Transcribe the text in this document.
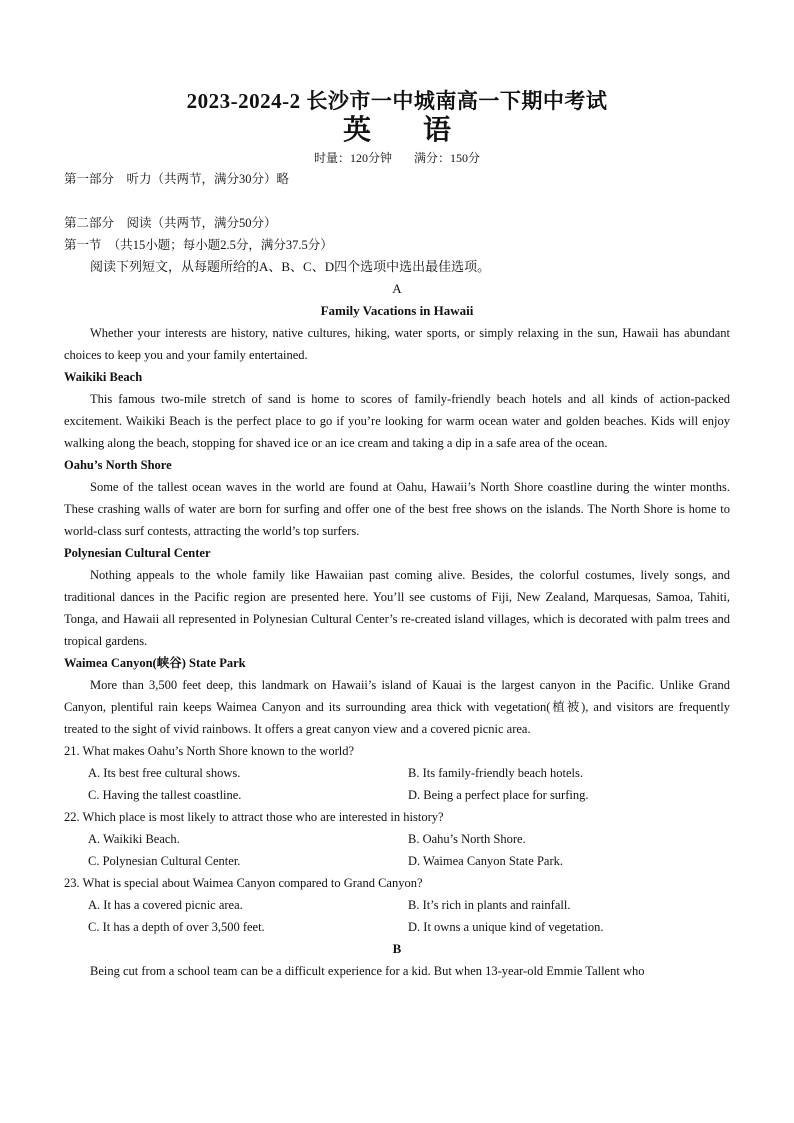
2023-2024-2 长沙市一中城南高一下期中考试
英 语
时量：120分钟 满分：150分

第一部分　听力（共两节，满分30分）略

第二部分　阅读（共两节，满分50分）

第一节　（共15小题；每小题2.5分，满分37.5分）

阅读下列短文，从每题所给的A、B、C、D四个选项中选出最佳选项。

A

Family Vacations in Hawaii

Whether your interests are history, native cultures, hiking, water sports, or simply relaxing in the sun, Hawaii has abundant choices to keep you and your family entertained.

Waikiki Beach

This famous two-mile stretch of sand is home to scores of family-friendly beach hotels and all kinds of action-packed excitement. Waikiki Beach is the perfect place to go if you’re looking for warm ocean water and golden beaches. Kids will enjoy walking along the beach, stopping for shaved ice or an ice cream and taking a dip in a safe area of the ocean.

Oahu’s North Shore

Some of the tallest ocean waves in the world are found at Oahu, Hawaii’s North Shore coastline during the winter months. These crashing walls of water are born for surfing and offer one of the best free shows on the islands. The North Shore is home to world-class surf contests, attracting the world’s top surfers.

Polynesian Cultural Center

Nothing appeals to the whole family like Hawaiian past coming alive. Besides, the colorful costumes, lively songs, and traditional dances in the Pacific region are presented here. You’ll see customs of Fiji, New Zealand, Marquesas, Samoa, Tahiti, Tonga, and Hawaii all represented in Polynesian Cultural Center’s re-created island villages, which is decorated with palm trees and tropical gardens.

Waimea Canyon(峡谷) State Park

More than 3,500 feet deep, this landmark on Hawaii’s island of Kauai is the largest canyon in the Pacific. Unlike Grand Canyon, plentiful rain keeps Waimea Canyon and its surrounding area thick with vegetation(植被), and visitors are frequently treated to the sight of vivid rainbows. It offers a great canyon view and a covered picnic area.

21. What makes Oahu’s North Shore known to the world?

A. Its best free cultural shows.	B. Its family-friendly beach hotels.
C. Having the tallest coastline.	D. Being a perfect place for surfing.

22. Which place is most likely to attract those who are interested in history?

A. Waikiki Beach.	B. Oahu’s North Shore.
C. Polynesian Cultural Center.	D. Waimea Canyon State Park.

23. What is special about Waimea Canyon compared to Grand Canyon?

A. It has a covered picnic area.	B. It’s rich in plants and rainfall.
C. It has a depth of over 3,500 feet.	D. It owns a unique kind of vegetation.

B

Being cut from a school team can be a difficult experience for a kid. But when 13-year-old Emmie Tallent who
